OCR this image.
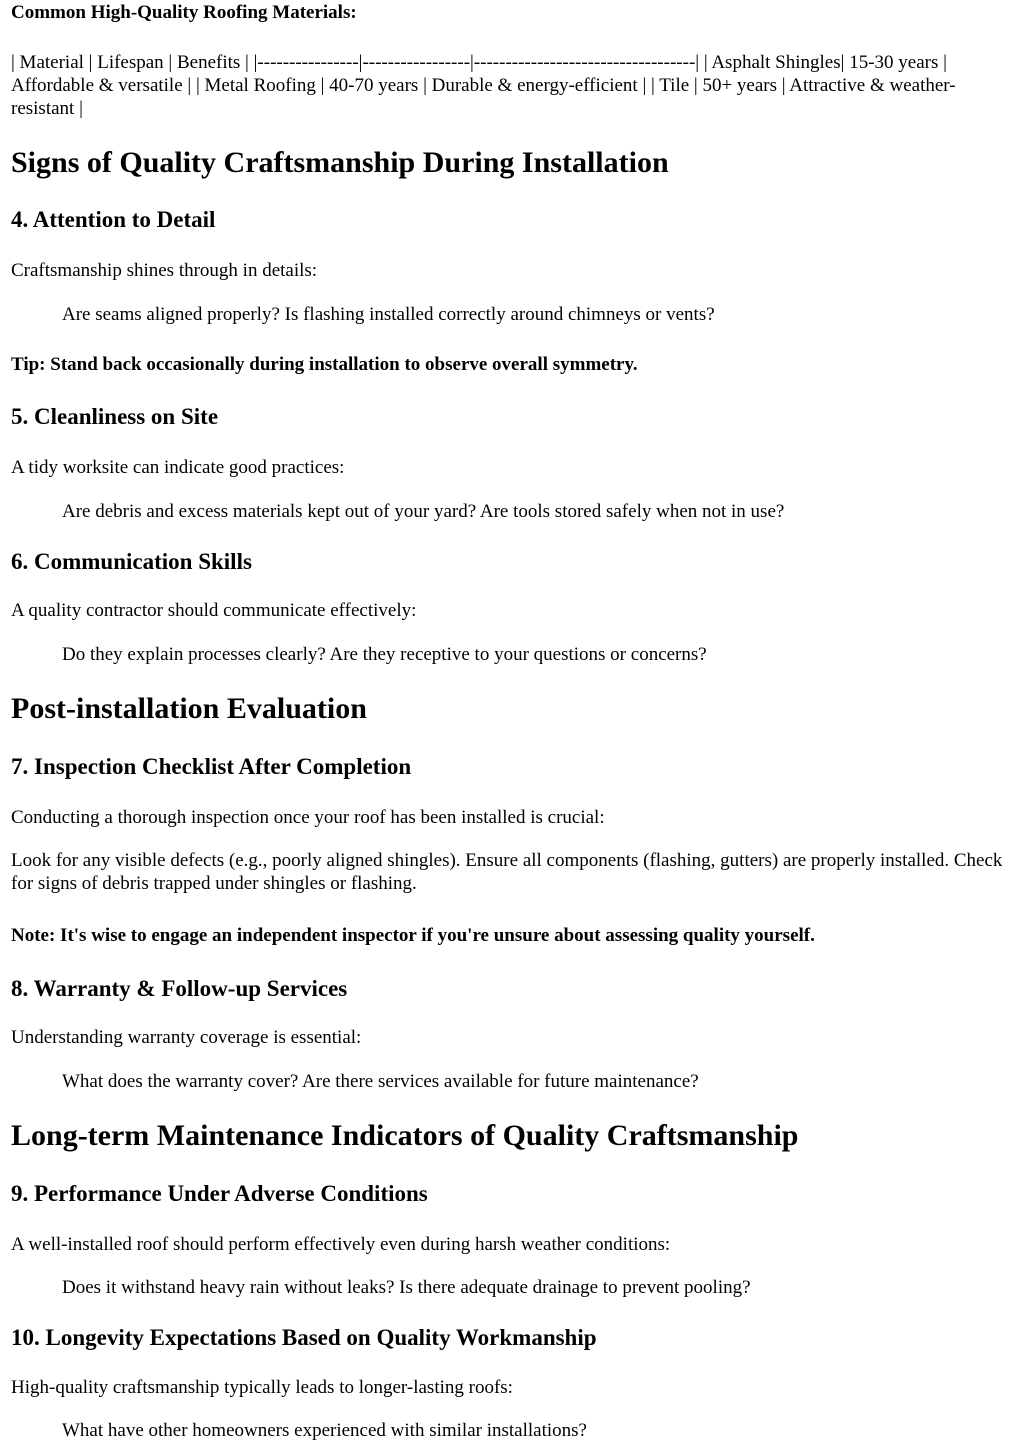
Common High-Quality Roofing Materials:

| Material | Lifespan | Benefits | |----------------|-----------------|-----------------------------------| | Asphalt Shingles| 15-30 years | Affordable & versatile | | Metal Roofing | 40-70 years | Durable & energy-efficient | | Tile | 50+ years | Attractive & weather-resistant |

Signs of Quality Craftsmanship During Installation
4. Attention to Detail

Craftsmanship shines through in details:

Are seams aligned properly? Is flashing installed correctly around chimneys or vents?

Tip: Stand back occasionally during installation to observe overall symmetry.

5. Cleanliness on Site

A tidy worksite can indicate good practices:

Are debris and excess materials kept out of your yard? Are tools stored safely when not in use?

6. Communication Skills

A quality contractor should communicate effectively:

Do they explain processes clearly? Are they receptive to your questions or concerns?

Post-installation Evaluation
7. Inspection Checklist After Completion

Conducting a thorough inspection once your roof has been installed is crucial:

Look for any visible defects (e.g., poorly aligned shingles). Ensure all components (flashing, gutters) are properly installed. Check for signs of debris trapped under shingles or flashing.

Note: It's wise to engage an independent inspector if you're unsure about assessing quality yourself.

8. Warranty & Follow-up Services

Understanding warranty coverage is essential:

What does the warranty cover? Are there services available for future maintenance?

Long-term Maintenance Indicators of Quality Craftsmanship
9. Performance Under Adverse Conditions

A well-installed roof should perform effectively even during harsh weather conditions:

Does it withstand heavy rain without leaks? Is there adequate drainage to prevent pooling?

10. Longevity Expectations Based on Quality Workmanship

High-quality craftsmanship typically leads to longer-lasting roofs:

What have other homeowners experienced with similar installations?
